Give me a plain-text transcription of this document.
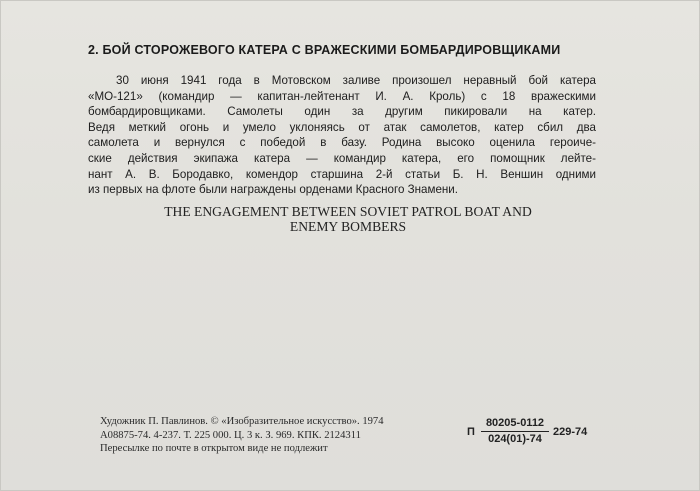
2. БОЙ СТОРОЖЕВОГО КАТЕРА С ВРАЖЕСКИМИ БОМБАРДИРОВЩИКАМИ
30 июня 1941 года в Мотовском заливе произошел неравный бой катера
«МО-121» (командир — капитан-лейтенант И. А. Кроль) с 18 вражескими
бомбардировщиками. Самолеты один за другим пикировали на катер.
Ведя меткий огонь и умело уклоняясь от атак самолетов, катер сбил два
самолета и вернулся с победой в базу. Родина высоко оценила героиче-
ские действия экипажа катера — командир катера, его помощник лейте-
нант А. В. Бородавко, комендор старшина 2-й статьи Б. Н. Веншин одними
из первых на флоте были награждены орденами Красного Знамени.
THE ENGAGEMENT BETWEEN SOVIET PATROL BOAT AND
ENEMY BOMBERS
Художник П. Павлинов. © «Изобразительное искусство». 1974
А08875-74. 4-237. Т. 225 000. Ц. 3 к. З. 969. КПК. 2124311
Пересылке по почте в открытом виде не подлежит
П
80205-0112
024(01)-74
229-74
